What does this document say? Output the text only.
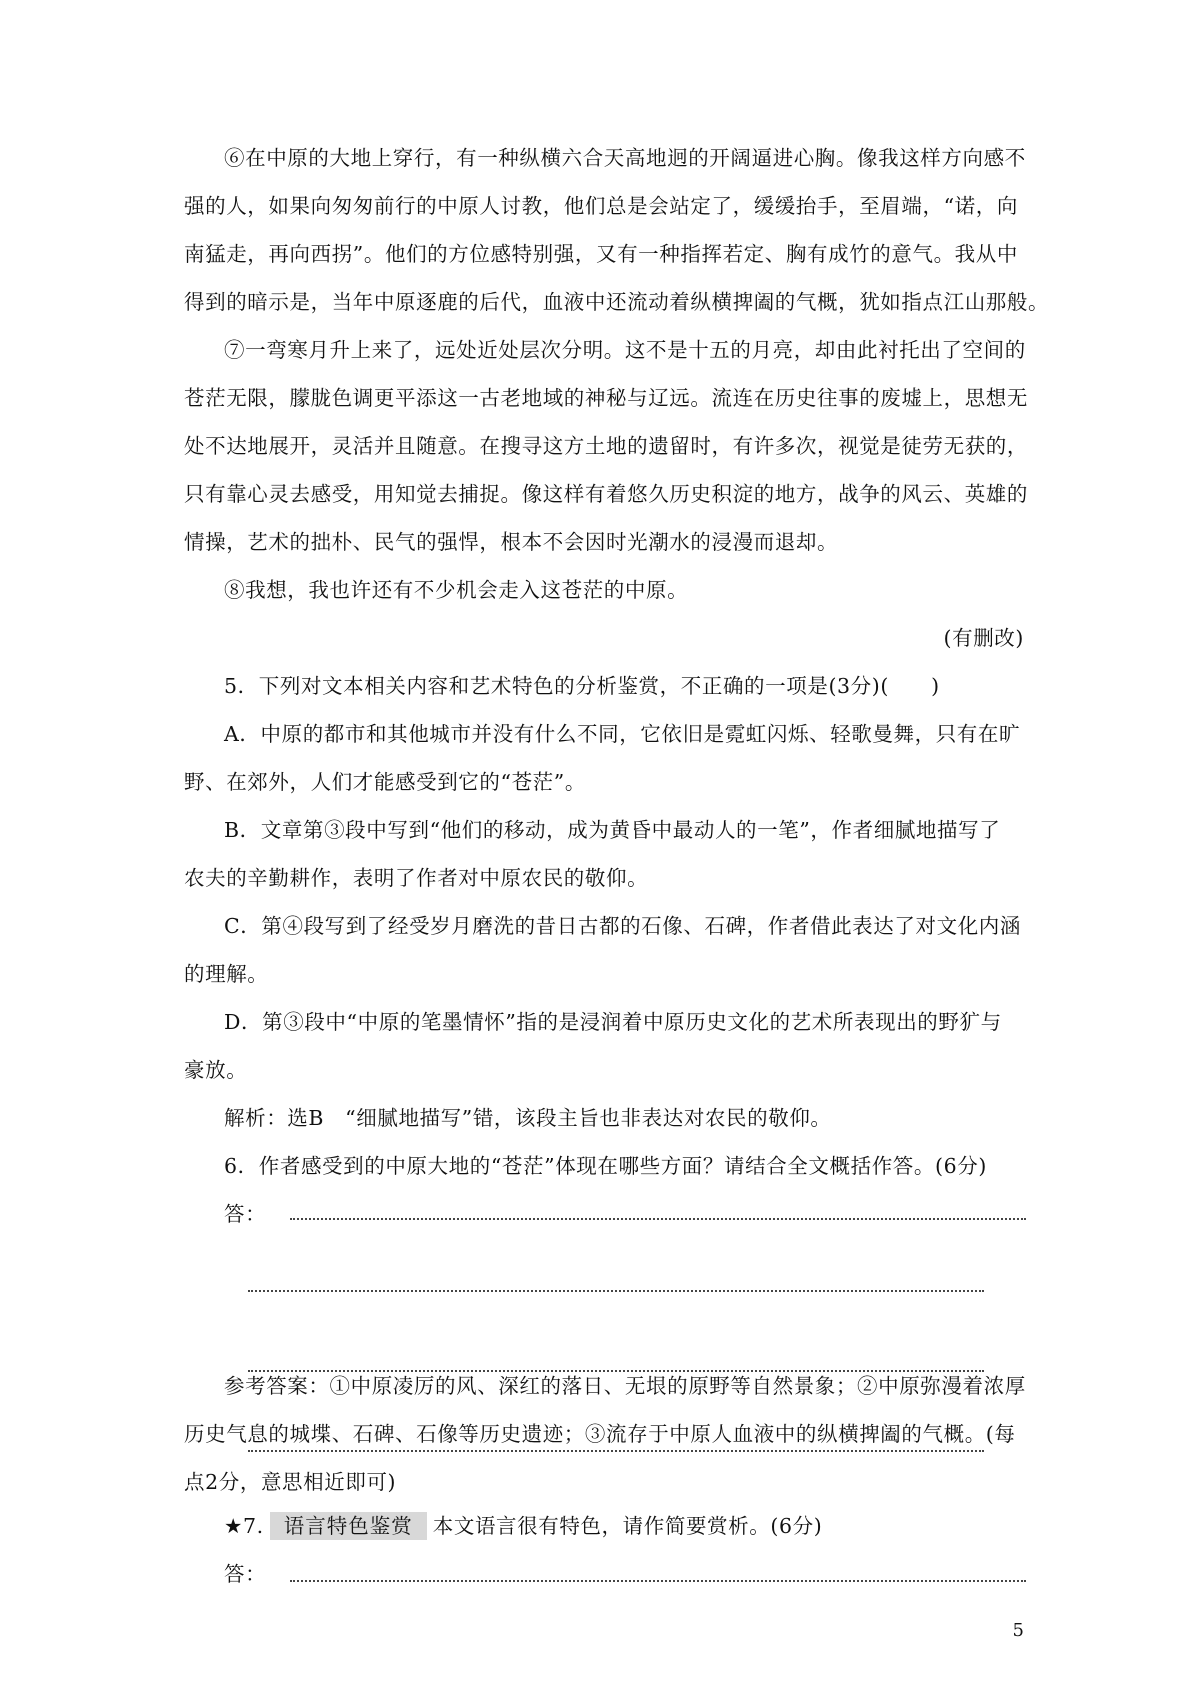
⑥在中原的大地上穿行，有一种纵横六合天高地迥的开阔逼进心胸。像我这样方向感不
强的人，如果向匆匆前行的中原人讨教，他们总是会站定了，缓缓抬手，至眉端，“诺，向
南猛走，再向西拐”。他们的方位感特别强，又有一种指挥若定、胸有成竹的意气。我从中
得到的暗示是，当年中原逐鹿的后代，血液中还流动着纵横捭阖的气概，犹如指点江山那般。
⑦一弯寒月升上来了，远处近处层次分明。这不是十五的月亮，却由此衬托出了空间的
苍茫无限，朦胧色调更平添这一古老地域的神秘与辽远。流连在历史往事的废墟上，思想无
处不达地展开，灵活并且随意。在搜寻这方土地的遗留时，有许多次，视觉是徒劳无获的，
只有靠心灵去感受，用知觉去捕捉。像这样有着悠久历史积淀的地方，战争的风云、英雄的
情操，艺术的拙朴、民气的强悍，根本不会因时光潮水的浸漫而退却。
⑧我想，我也许还有不少机会走入这苍茫的中原。
(有删改)
5．下列对文本相关内容和艺术特色的分析鉴赏，不正确的一项是(3分)(　　)
A．中原的都市和其他城市并没有什么不同，它依旧是霓虹闪烁、轻歌曼舞，只有在旷
野、在郊外，人们才能感受到它的“苍茫”。
B．文章第③段中写到“他们的移动，成为黄昏中最动人的一笔”，作者细腻地描写了
农夫的辛勤耕作，表明了作者对中原农民的敬仰。
C．第④段写到了经受岁月磨洗的昔日古都的石像、石碑，作者借此表达了对文化内涵
的理解。
D．第③段中“中原的笔墨情怀”指的是浸润着中原历史文化的艺术所表现出的野犷与
豪放。
解析：选B　“细腻地描写”错，该段主旨也非表达对农民的敬仰。
6．作者感受到的中原大地的“苍茫”体现在哪些方面？请结合全文概括作答。(6分)
答：
参考答案：①中原凌厉的风、深红的落日、无垠的原野等自然景象；②中原弥漫着浓厚
历史气息的城堞、石碑、石像等历史遗迹；③流存于中原人血液中的纵横捭阖的气概。(每
点2分，意思相近即可)
5
★7. 语言特色鉴赏 本文语言很有特色，请作简要赏析。(6分)
答：
